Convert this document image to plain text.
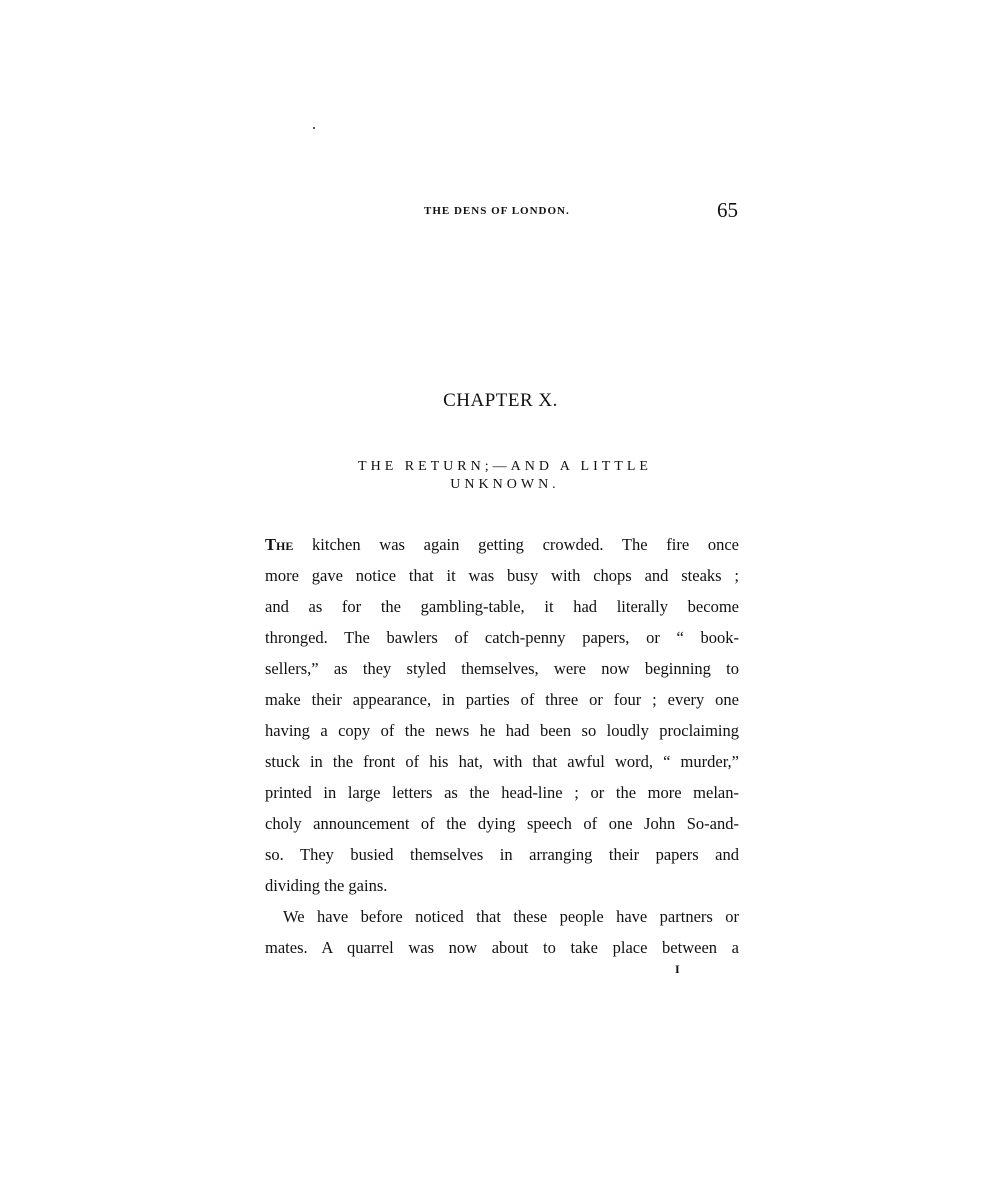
THE DENS OF LONDON.	65
CHAPTER X.
THE RETURN;—AND A LITTLE
UNKNOWN.
The kitchen was again getting crowded. The fire once
more gave notice that it was busy with chops and steaks ;
and as for the gambling-table, it had literally become
thronged. The bawlers of catch-penny papers, or “ book-
sellers,” as they styled themselves, were now beginning to
make their appearance, in parties of three or four ; every one
having a copy of the news he had been so loudly proclaiming
stuck in the front of his hat, with that awful word, “ murder,”
printed in large letters as the head-line ; or the more melan-
choly announcement of the dying speech of one John So-and-
so. They busied themselves in arranging their papers and
dividing the gains.
We have before noticed that these people have partners or
mates. A quarrel was now about to take place between a
I
